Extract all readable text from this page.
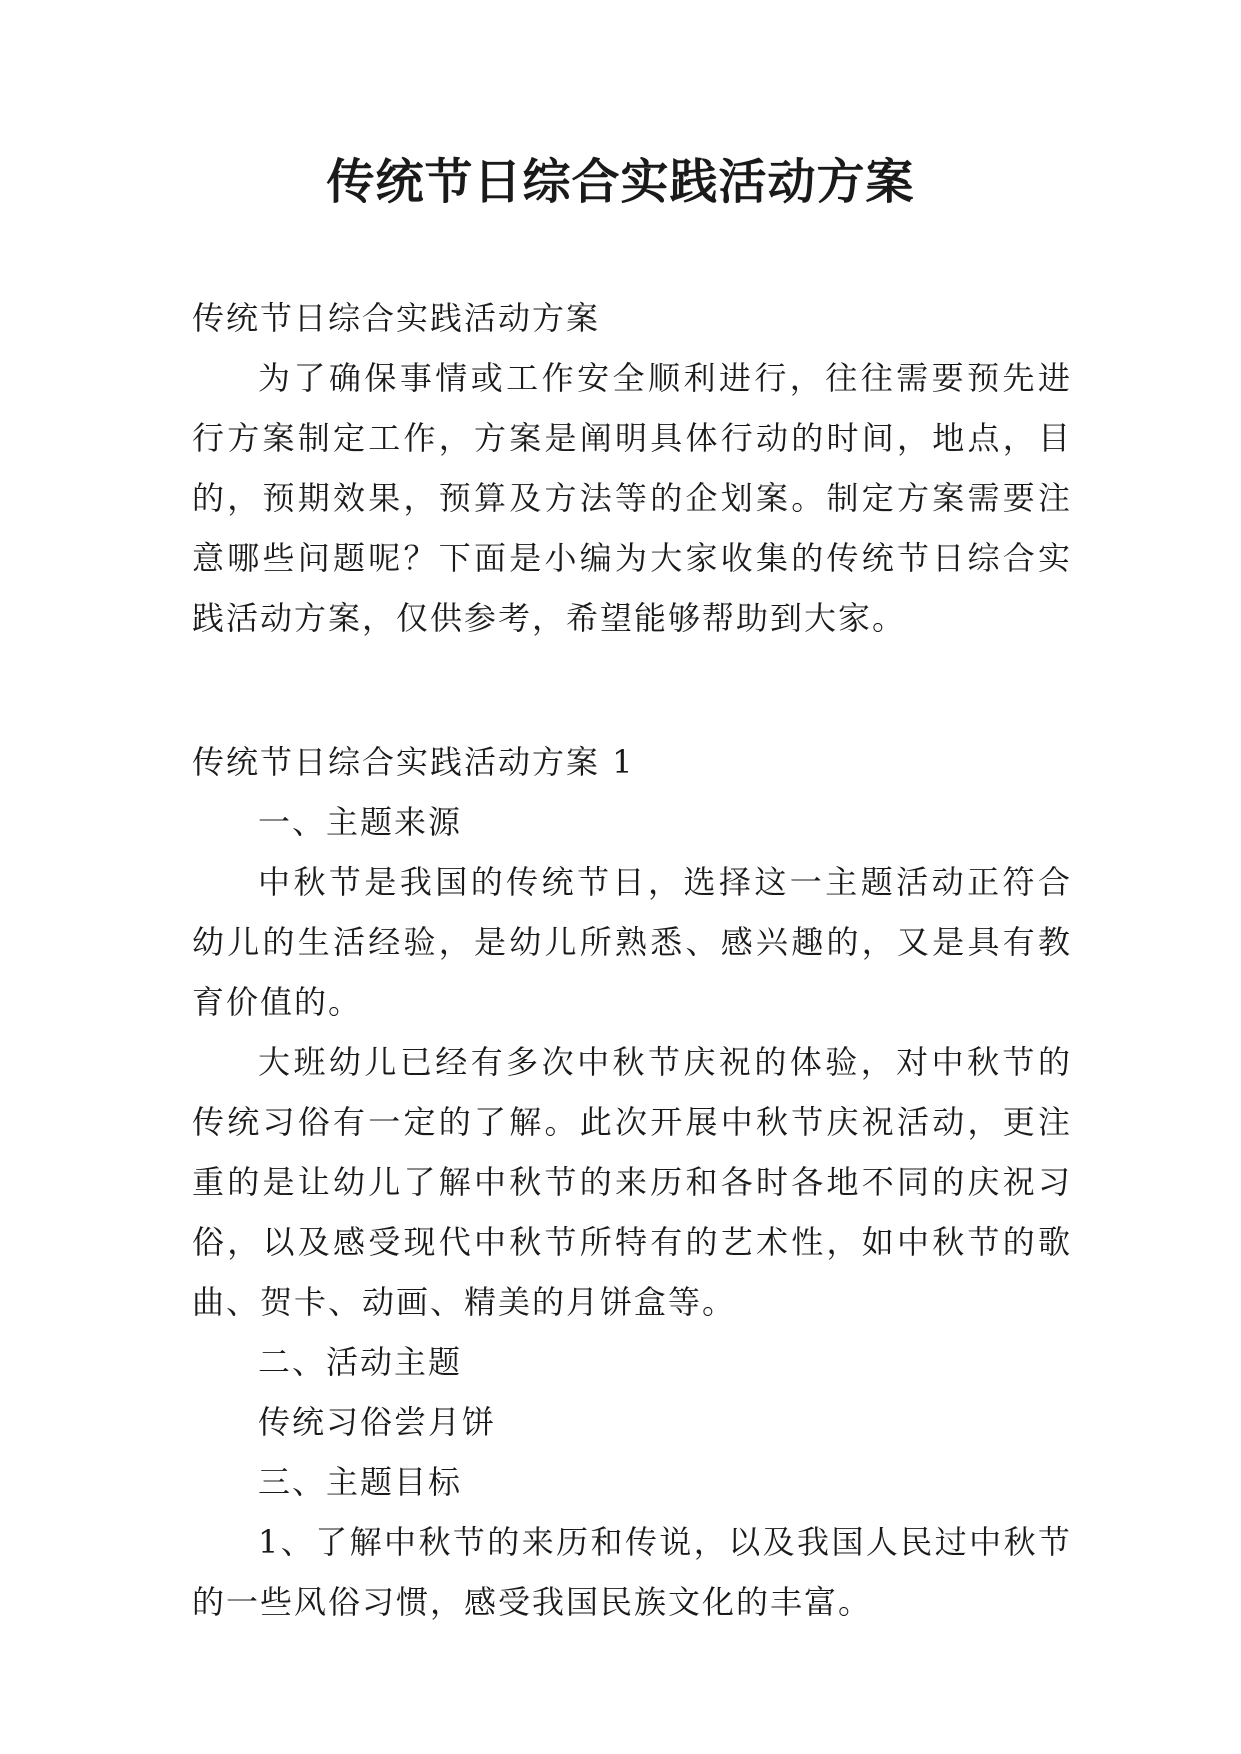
传统节日综合实践活动方案

传统节日综合实践活动方案

为了确保事情或工作安全顺利进行，往往需要预先进行方案制定工作，方案是阐明具体行动的时间，地点，目的，预期效果，预算及方法等的企划案。制定方案需要注意哪些问题呢？下面是小编为大家收集的传统节日综合实践活动方案，仅供参考，希望能够帮助到大家。

传统节日综合实践活动方案 1

一、主题来源

中秋节是我国的传统节日，选择这一主题活动正符合幼儿的生活经验，是幼儿所熟悉、感兴趣的，又是具有教育价值的。

大班幼儿已经有多次中秋节庆祝的体验，对中秋节的传统习俗有一定的了解。此次开展中秋节庆祝活动，更注重的是让幼儿了解中秋节的来历和各时各地不同的庆祝习俗，以及感受现代中秋节所特有的艺术性，如中秋节的歌曲、贺卡、动画、精美的月饼盒等。

二、活动主题

传统习俗尝月饼

三、主题目标

1、了解中秋节的来历和传说，以及我国人民过中秋节的一些风俗习惯，感受我国民族文化的丰富。
